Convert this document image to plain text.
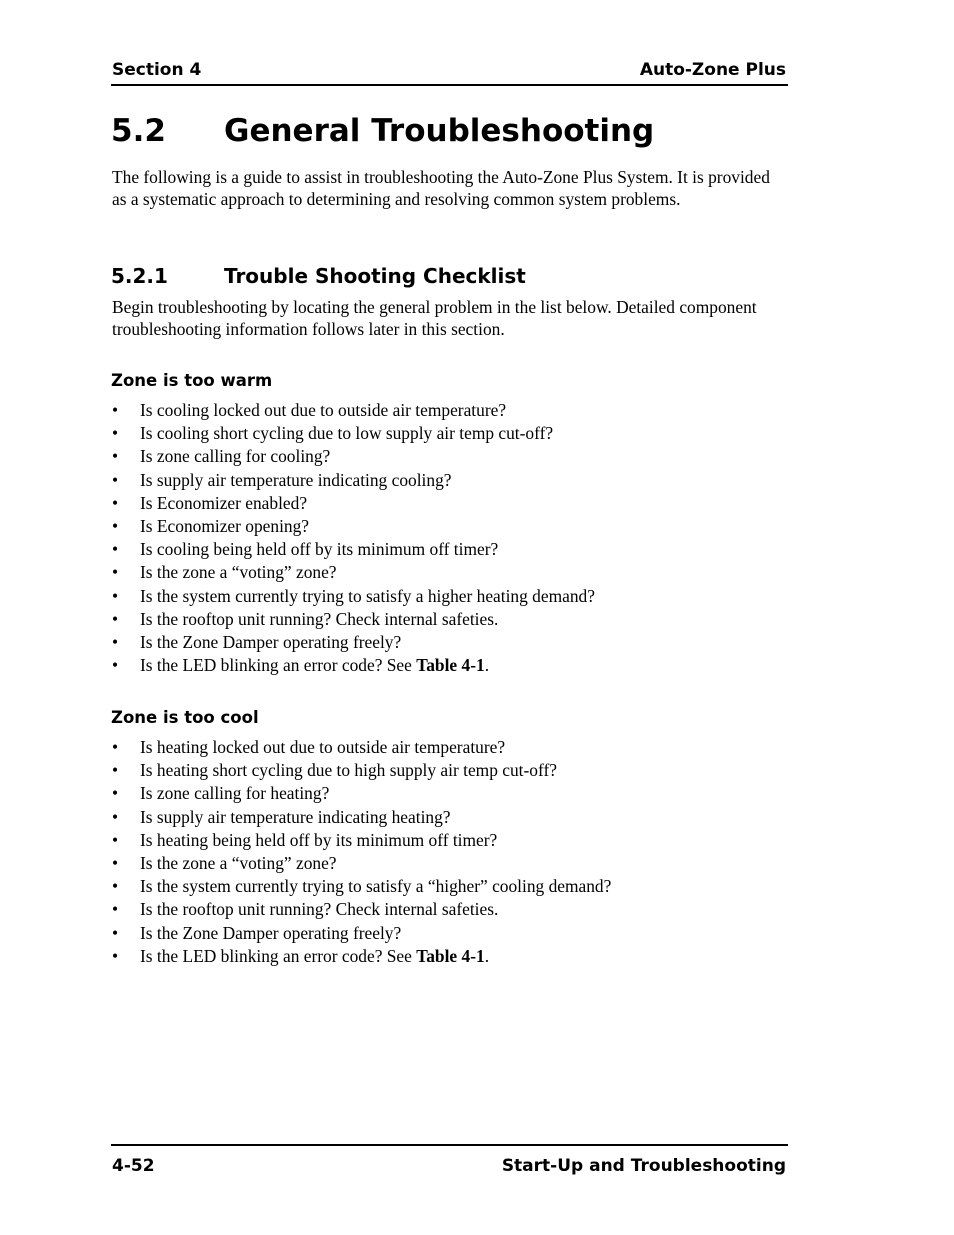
Section 4	Auto-Zone Plus
5.2 General Troubleshooting
The following is a guide to assist in troubleshooting the Auto-Zone Plus System. It is provided as a systematic approach to determining and resolving common system problems.
5.2.1	Trouble Shooting Checklist
Begin troubleshooting by locating the general problem in the list below. Detailed component troubleshooting information follows later in this section.
Zone is too warm
• Is cooling locked out due to outside air temperature?
• Is cooling short cycling due to low supply air temp cut-off?
• Is zone calling for cooling?
• Is supply air temperature indicating cooling?
• Is Economizer enabled?
• Is Economizer opening?
• Is cooling being held off by its minimum off timer?
• Is the zone a “voting” zone?
• Is the system currently trying to satisfy a higher heating demand?
• Is the rooftop unit running? Check internal safeties.
• Is the Zone Damper operating freely?
• Is the LED blinking an error code? See Table 4-1.
Zone is too cool
• Is heating locked out due to outside air temperature?
• Is heating short cycling due to high supply air temp cut-off?
• Is zone calling for heating?
• Is supply air temperature indicating heating?
• Is heating being held off by its minimum off timer?
• Is the zone a “voting” zone?
• Is the system currently trying to satisfy a “higher” cooling demand?
• Is the rooftop unit running? Check internal safeties.
• Is the Zone Damper operating freely?
• Is the LED blinking an error code? See Table 4-1.
4-52	Start-Up and Troubleshooting
